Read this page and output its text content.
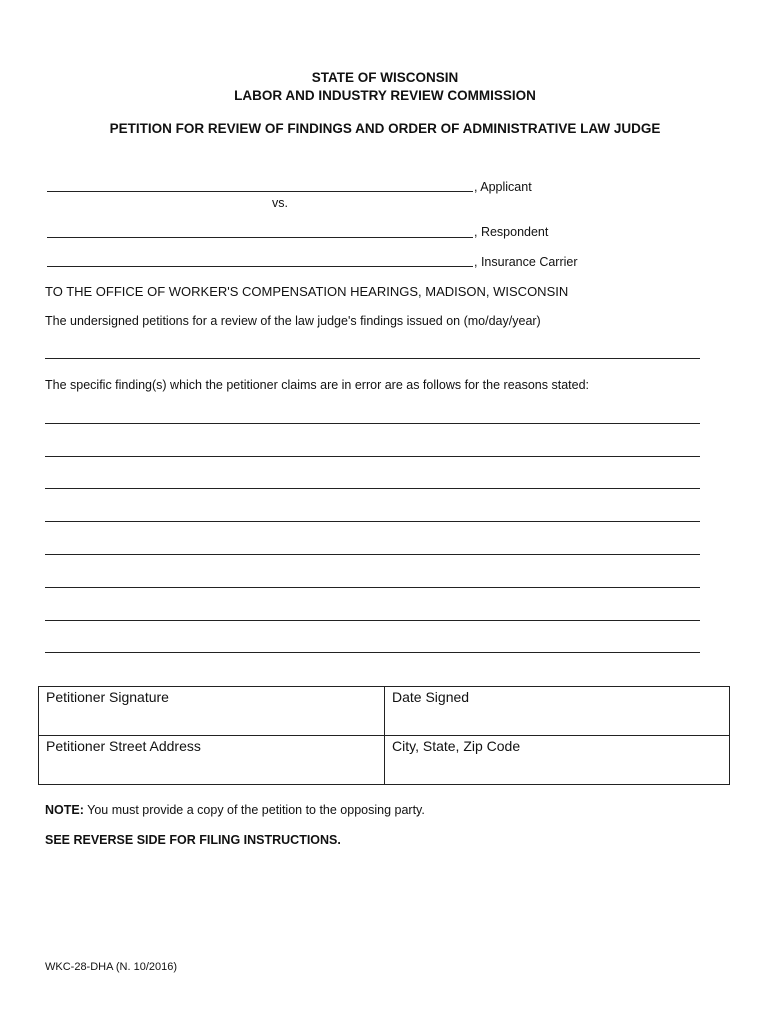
STATE OF WISCONSIN
LABOR AND INDUSTRY REVIEW COMMISSION
PETITION FOR REVIEW OF FINDINGS AND ORDER OF ADMINISTRATIVE LAW JUDGE
, Applicant
vs.
, Respondent
, Insurance Carrier
TO THE OFFICE OF WORKER'S COMPENSATION HEARINGS, MADISON, WISCONSIN
The undersigned petitions for a review of the law judge's findings issued on (mo/day/year)
The specific finding(s) which the petitioner claims are in error are as follows for the reasons stated:
Petitioner Signature	Date Signed
Petitioner Street Address	City, State, Zip Code
NOTE: You must provide a copy of the petition to the opposing party.
SEE REVERSE SIDE FOR FILING INSTRUCTIONS.
WKC-28-DHA (N. 10/2016)
